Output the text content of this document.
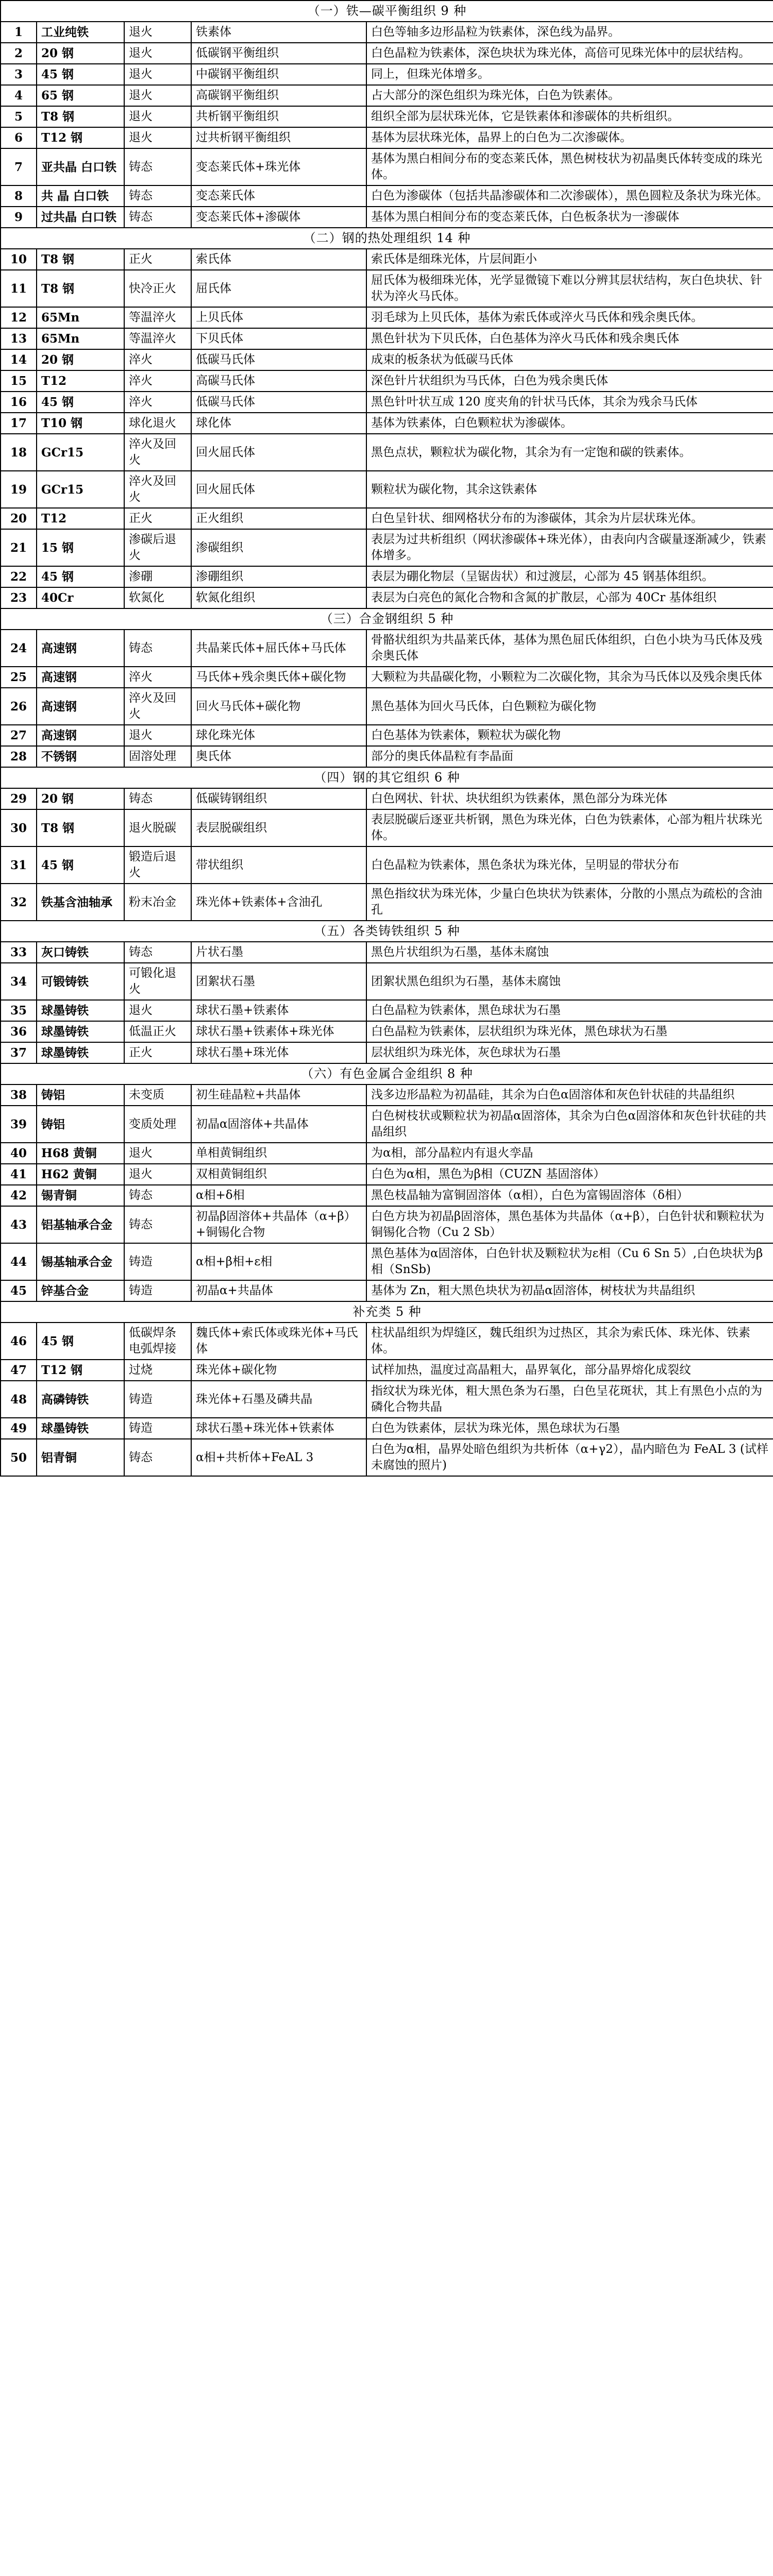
（一）铁—碳平衡组织 9 种				
1	工业纯铁	退火	铁素体	白色等轴多边形晶粒为铁素体，深色线为晶界。
2	20 钢	退火	低碳钢平衡组织	白色晶粒为铁素体，深色块状为珠光体，高倍可见珠光体中的层状结构。
3	45 钢	退火	中碳钢平衡组织	同上，但珠光体增多。
4	65 钢	退火	高碳钢平衡组织	占大部分的深色组织为珠光体，白色为铁素体。
5	T8 钢	退火	共析钢平衡组织	组织全部为层状珠光体，它是铁素体和渗碳体的共析组织。
6	T12 钢	退火	过共析钢平衡组织	基体为层状珠光体，晶界上的白色为二次渗碳体。
7	亚共晶 白口铁	铸态	变态莱氏体+珠光体	基体为黑白相间分布的变态莱氏体，黑色树枝状为初晶奥氏体转变成的珠光体。
8	共 晶 白口铁	铸态	变态莱氏体	白色为渗碳体（包括共晶渗碳体和二次渗碳体），黑色圆粒及条状为珠光体。
9	过共晶 白口铁	铸态	变态莱氏体+渗碳体	基体为黑白相间分布的变态莱氏体，白色板条状为一渗碳体
（二）钢的热处理组织 14 种				
10	T8 钢	正火	索氏体	索氏体是细珠光体，片层间距小
11	T8 钢	快冷正火	屈氏体	屈氏体为极细珠光体，光学显微镜下难以分辨其层状结构，灰白色块状、针状为淬火马氏体。
12	65Mn	等温淬火	上贝氏体	羽毛球为上贝氏体，基体为索氏体或淬火马氏体和残余奥氏体。
13	65Mn	等温淬火	下贝氏体	黑色针状为下贝氏体，白色基体为淬火马氏体和残余奥氏体
14	20 钢	淬火	低碳马氏体	成束的板条状为低碳马氏体
15	T12	淬火	高碳马氏体	深色针片状组织为马氏体，白色为残余奥氏体
16	45 钢	淬火	低碳马氏体	黑色针叶状互成 120 度夹角的针状马氏体，其余为残余马氏体
17	T10 钢	球化退火	球化体	基体为铁素体，白色颗粒状为渗碳体。
18	GCr15	淬火及回火	回火屈氏体	黑色点状，颗粒状为碳化物，其余为有一定饱和碳的铁素体。
19	GCr15	淬火及回火	回火屈氏体	颗粒状为碳化物，其余这铁素体
20	T12	正火	正火组织	白色呈针状、细网格状分布的为渗碳体，其余为片层状珠光体。
21	15 钢	渗碳后退火	渗碳组织	表层为过共析组织（网状渗碳体+珠光体），由表向内含碳量逐渐减少，铁素体增多。
22	45 钢	渗硼	渗硼组织	表层为硼化物层（呈锯齿状）和过渡层，心部为 45 钢基体组织。
23	40Cr	软氮化	软氮化组织	表层为白亮色的氮化合物和含氮的扩散层，心部为 40Cr 基体组织
（三）合金钢组织 5 种				
24	高速钢	铸态	共晶莱氏体+屈氏体+马氏体	骨骼状组织为共晶莱氏体，基体为黑色屈氏体组织，白色小块为马氏体及残余奥氏体
25	高速钢	淬火	马氏体+残余奥氏体+碳化物	大颗粒为共晶碳化物，小颗粒为二次碳化物，其余为马氏体以及残余奥氏体
26	高速钢	淬火及回火	回火马氏体+碳化物	黑色基体为回火马氏体，白色颗粒为碳化物
27	高速钢	退火	球化珠光体	白色基体为铁素体，颗粒状为碳化物
28	不锈钢	固溶处理	奥氏体	部分的奥氏体晶粒有李晶面
（四）钢的其它组织 6 种				
29	20 钢	铸态	低碳铸钢组织	白色网状、针状、块状组织为铁素体，黑色部分为珠光体
30	T8 钢	退火脱碳	表层脱碳组织	表层脱碳后逐亚共析钢，黑色为珠光体，白色为铁素体，心部为粗片状珠光体。
31	45 钢	锻造后退火	带状组织	白色晶粒为铁素体，黑色条状为珠光体，呈明显的带状分布
32	铁基含油轴承	粉末冶金	珠光体+铁素体+含油孔	黑色指纹状为珠光体，少量白色块状为铁素体，分散的小黑点为疏松的含油孔
（五）各类铸铁组织 5 种				
33	灰口铸铁	铸态	片状石墨	黑色片状组织为石墨，基体未腐蚀
34	可锻铸铁	可锻化退火	团絮状石墨	团絮状黑色组织为石墨，基体未腐蚀
35	球墨铸铁	退火	球状石墨+铁素体	白色晶粒为铁素体，黑色球状为石墨
36	球墨铸铁	低温正火	球状石墨+铁素体+珠光体	白色晶粒为铁素体，层状组织为珠光体，黑色球状为石墨
37	球墨铸铁	正火	球状石墨+珠光体	层状组织为珠光体，灰色球状为石墨
（六）有色金属合金组织 8 种				
38	铸铝	未变质	初生硅晶粒+共晶体	浅多边形晶粒为初晶硅，其余为白色α固溶体和灰色针状硅的共晶组织
39	铸铝	变质处理	初晶α固溶体+共晶体	白色树枝状或颗粒状为初晶α固溶体，其余为白色α固溶体和灰色针状硅的共晶组织
40	H68 黄铜	退火	单相黄铜组织	为α相，部分晶粒内有退火孪晶
41	H62 黄铜	退火	双相黄铜组织	白色为α相，黑色为β相（CUZN 基固溶体）
42	锡青铜	铸态	α相+δ相	黑色枝晶轴为富铜固溶体（α相），白色为富锡固溶体（δ相）
43	铝基轴承合金	铸态	初晶β固溶体+共晶体（α+β）+铜锡化合物	白色方块为初晶β固溶体，黑色基体为共晶体（α+β），白色针状和颗粒状为铜锡化合物（Cu 2 Sb）
44	锡基轴承合金	铸造	α相+β相+ε相	黑色基体为α固溶体，白色针状及颗粒状为ε相（Cu 6 Sn 5）,白色块状为β相（SnSb)
45	锌基合金	铸造	初晶α+共晶体	基体为 Zn，粗大黑色块状为初晶α固溶体，树枝状为共晶组织
补充类 5 种				
46	45 钢	低碳焊条电弧焊接	魏氏体+索氏体或珠光体+马氏体	柱状晶组织为焊缝区，魏氏组织为过热区，其余为索氏体、珠光体、铁素体。
47	T12 钢	过烧	珠光体+碳化物	试样加热，温度过高晶粗大，晶界氧化，部分晶界熔化成裂纹
48	高磷铸铁	铸造	珠光体+石墨及磷共晶	指纹状为珠光体，粗大黑色条为石墨，白色呈花斑状，其上有黑色小点的为磷化合物共晶
49	球墨铸铁	铸造	球状石墨+珠光体+铁素体	白色为铁素体，层状为珠光体，黑色球状为石墨
50	铝青铜	铸态	α相+共析体+FeAL 3	白色为α相，晶界处暗色组织为共析体（α+γ2），晶内暗色为 FeAL 3 (试样未腐蚀的照片)
